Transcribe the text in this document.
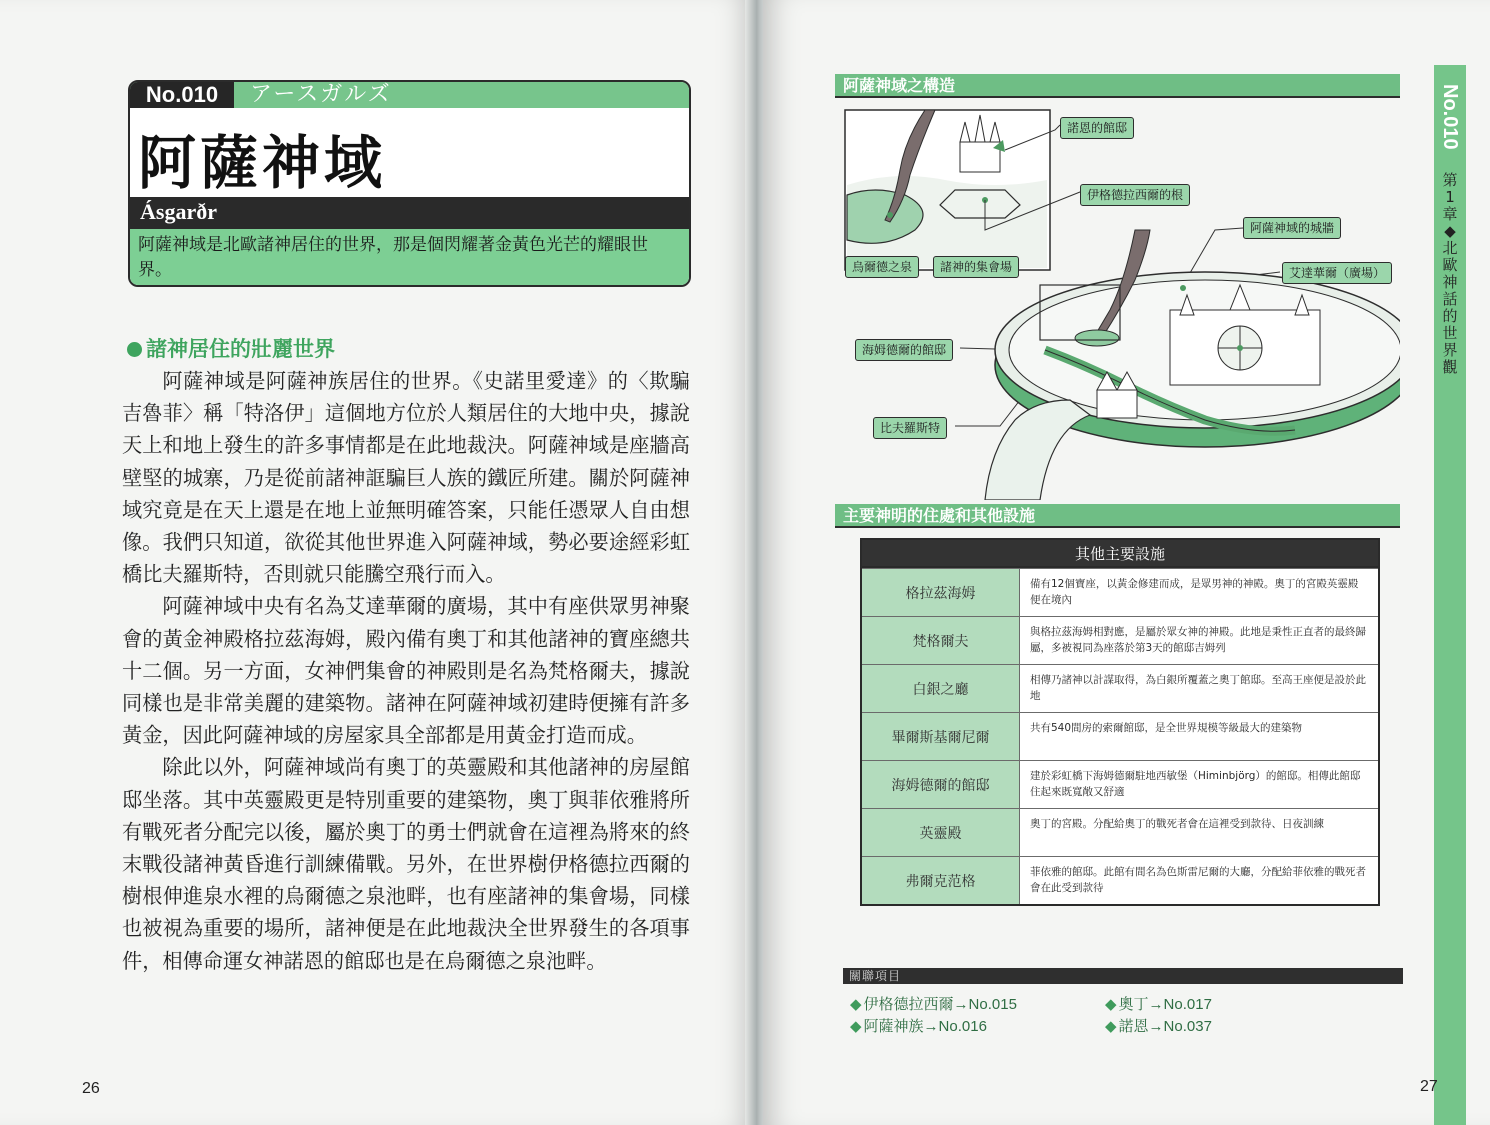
No.010	アースガルズ
阿薩神域
Ásgarðr
阿薩神域是北歐諸神居住的世界，那是個閃耀著金黃色光芒的耀眼世界。
諸神居住的壯麗世界

阿薩神域是阿薩神族居住的世界。《史諾里愛達》的〈欺騙吉魯菲〉稱「特洛伊」這個地方位於人類居住的大地中央，據說天上和地上發生的許多事情都是在此地裁決。阿薩神域是座牆高壁堅的城寨，乃是從前諸神誆騙巨人族的鐵匠所建。關於阿薩神域究竟是在天上還是在地上並無明確答案，只能任憑眾人自由想像。我們只知道，欲從其他世界進入阿薩神域，勢必要途經彩虹橋比夫羅斯特，否則就只能騰空飛行而入。

阿薩神域中央有名為艾達華爾的廣場，其中有座供眾男神聚會的黃金神殿格拉茲海姆，殿內備有奧丁和其他諸神的寶座總共十二個。另一方面，女神們集會的神殿則是名為梵格爾夫，據說同樣也是非常美麗的建築物。諸神在阿薩神域初建時便擁有許多黃金，因此阿薩神域的房屋家具全部都是用黃金打造而成。

除此以外，阿薩神域尚有奧丁的英靈殿和其他諸神的房屋館邸坐落。其中英靈殿更是特別重要的建築物，奧丁與菲依雅將所有戰死者分配完以後，屬於奧丁的勇士們就會在這裡為將來的終末戰役諸神黃昏進行訓練備戰。另外，在世界樹伊格德拉西爾的樹根伸進泉水裡的烏爾德之泉池畔，也有座諸神的集會場，同樣也被視為重要的場所，諸神便是在此地裁決全世界發生的各項事件，相傳命運女神諾恩的館邸也是在烏爾德之泉池畔。

26
No.010
第1章◆北歐神話的世界觀
阿薩神域之構造
諾恩的館邸
伊格德拉西爾的根
阿薩神域的城牆
艾達華爾（廣場）
烏爾德之泉	諸神的集會場
海姆德爾的館邸
比夫羅斯特
主要神明的住處和其他設施
其他主要設施
格拉茲海姆
備有12個寶座，以黃金修建而成，是眾男神的神殿。奧丁的宮殿英靈殿便在境內
梵格爾夫
與格拉茲海姆相對應，是屬於眾女神的神殿。此地是秉性正直者的最終歸屬，多被視同為座落於第3天的館邸吉姆列
白銀之廳
相傳乃諸神以計謀取得，為白銀所覆蓋之奧丁館邸。至高王座便是設於此地
畢爾斯基爾尼爾
共有540間房的索爾館邸，是全世界規模等級最大的建築物
海姆德爾的館邸
建於彩虹橋下海姆德爾駐地西敏堡（Himinbjörg）的館邸。相傳此館邸住起來既寬敞又舒適
英靈殿
奧丁的宮殿。分配給奧丁的戰死者會在這裡受到款待、日夜訓練
弗爾克范格
菲依雅的館邸。此館有間名為色斯雷尼爾的大廳，分配給菲依雅的戰死者會在此受到款待
關聯項目
◆ 伊格德拉西爾→No.015
◆ 阿薩神族→No.016
◆ 奧丁→No.017
◆ 諾恩→No.037
27
